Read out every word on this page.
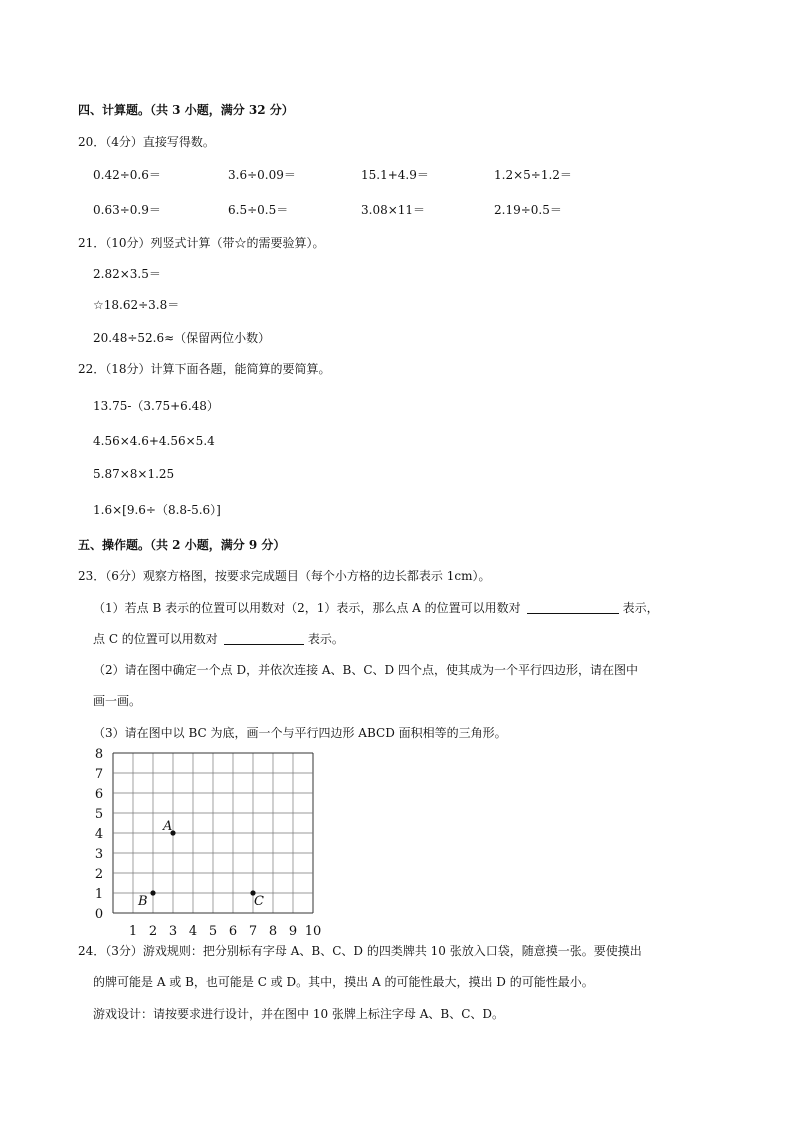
四、计算题。（共 3 小题，满分 32 分）
20．（4分）直接写得数。
0.42÷0.6＝	3.6÷0.09＝	15.1+4.9＝	1.2×5÷1.2＝
0.63÷0.9＝	6.5÷0.5＝	3.08×11＝	2.19÷0.5＝
21．（10分）列竖式计算（带☆的需要验算）。
2.82×3.5＝
☆18.62÷3.8＝
20.48÷52.6≈（保留两位小数）
22．（18分）计算下面各题，能简算的要简算。
13.75-（3.75+6.48）
4.56×4.6+4.56×5.4
5.87×8×1.25
1.6×[9.6÷（8.8-5.6）]
五、操作题。（共 2 小题，满分 9 分）
23．（6分）观察方格图，按要求完成题目（每个小方格的边长都表示 1cm）。
（1）若点 B 表示的位置可以用数对（2，1）表示，那么点 A 的位置可以用数对	表示，
点 C 的位置可以用数对	表示。
（2）请在图中确定一个点 D，并依次连接 A、B、C、D 四个点，使其成为一个平行四边形，请在图中
画一画。
（3）请在图中以 BC 为底，画一个与平行四边形 ABCD 面积相等的三角形。
0
1
2
3
4
5
6
7
8
1 2 3 4 5 6 7 8 9 10
A
B	C
24．（3分）游戏规则：把分别标有字母 A、B、C、D 的四类牌共 10 张放入口袋，随意摸一张。要使摸出
的牌可能是 A 或 B，也可能是 C 或 D。其中，摸出 A 的可能性最大，摸出 D 的可能性最小。
游戏设计：请按要求进行设计，并在图中 10 张牌上标注字母 A、B、C、D。
